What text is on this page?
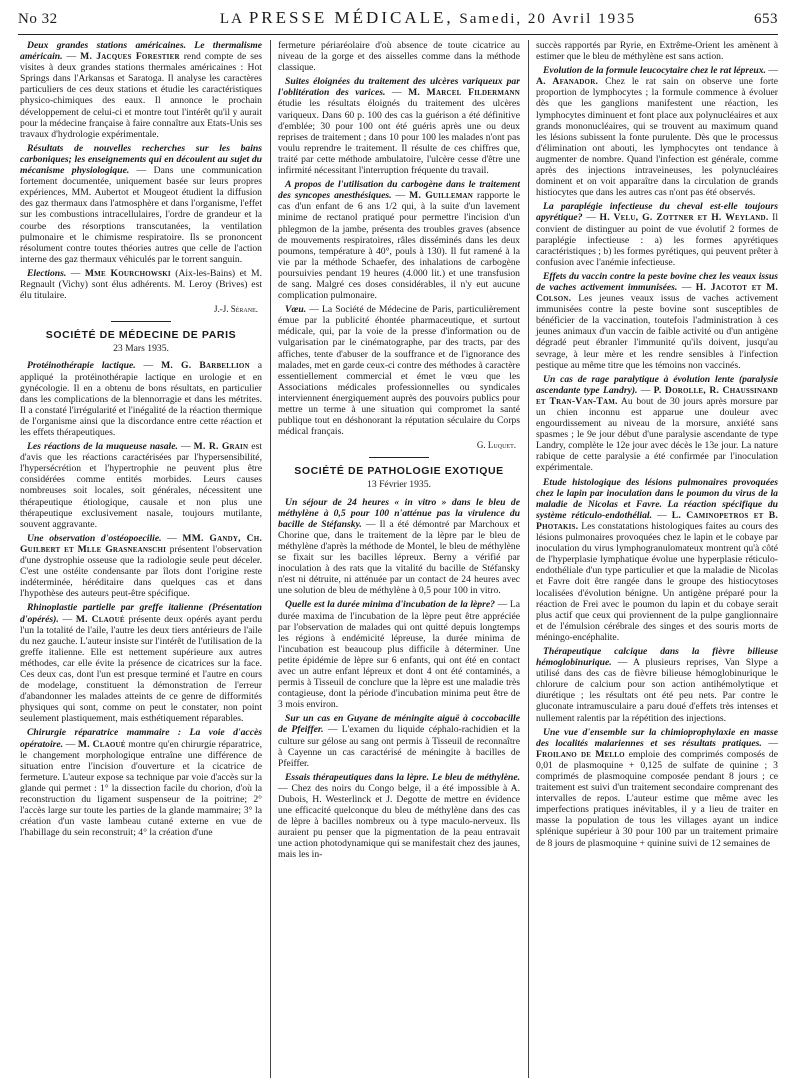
No 32	LA PRESSE MÉDICALE, Samedi, 20 Avril 1935	653

Deux grandes stations américaines. Le thermalisme américain. — M. Jacques Forestier rend compte de ses visites à deux grandes stations thermales américaines : Hot Springs dans l'Arkansas et Saratoga. Il analyse les caractères particuliers de ces deux stations et étudie les caractéristiques physico-chimiques des eaux. Il annonce le prochain développement de celui-ci et montre tout l'intérêt qu'il y aurait pour la médecine française à faire connaître aux Etats-Unis ses travaux d'hydrologie expérimentale.

Résultats de nouvelles recherches sur les bains carboniques; les enseignements qui en découlent au sujet du mécanisme physiologique. — Dans une communication fortement documentée, uniquement basée sur leurs propres expériences, MM. Aubertot et Mougeot étudient la diffusion des gaz thermaux dans l'atmosphère et dans l'organisme, l'effet sur les combustions intracellulaires, l'ordre de grandeur et la courbe des résorptions transcutanées, la ventilation pulmonaire et le chimisme respiratoire. Ils se prononcent résolument contre toutes théories autres que celle de l'action interne des gaz thermaux véhiculés par le torrent sanguin.

Elections. — Mme Kourchowski (Aix-les-Bains) et M. Regnault (Vichy) sont élus adhérents. M. Leroy (Brives) est élu titulaire.

J.-J. Sérane.
SOCIÉTÉ DE MÉDECINE DE PARIS
23 Mars 1935.

Protéinothérapie lactique. — M. G. Barbellion a appliqué la protéinothérapie lactique en urologie et en gynécologie. Il en a obtenu de bons résultats, en particulier dans les complications de la blennorragie et dans les métrites. Il a constaté l'irrégularité et l'inégalité de la réaction thermique de l'organisme ainsi que la discordance entre cette réaction et les effets thérapeutiques.

Les réactions de la muqueuse nasale. — M. R. Grain est d'avis que les réactions caractérisées par l'hypersensibilité, l'hypersécrétion et l'hypertrophie ne peuvent plus être considérées comme entités morbides. Leurs causes nombreuses soit locales, soit générales, nécessitent une thérapeutique étiologique, causale et non plus une thérapeutique exclusivement nasale, toujours mutilante, souvent aggravante.

Une observation d'ostéopoecilie. — MM. Gandy, Ch. Guilbert et Mlle Grasneanschi présentent l'observation d'une dystrophie osseuse que la radiologie seule peut déceler. C'est une ostéite condensante par îlots dont l'origine reste indéterminée, héréditaire dans quelques cas et dans l'hypothèse des auteurs peut-être spécifique.

Rhinoplastie partielle par greffe italienne (Présentation d'opérés). — M. Claoué présente deux opérés ayant perdu l'un la totalité de l'aile, l'autre les deux tiers antérieurs de l'aile du nez gauche. L'auteur insiste sur l'intérêt de l'utilisation de la greffe italienne. Elle est nettement supérieure aux autres méthodes, car elle évite la présence de cicatrices sur la face. Ces deux cas, dont l'un est presque terminé et l'autre en cours de modelage, constituent la démonstration de l'erreur d'abandonner les malades atteints de ce genre de difformités physiques qui sont, comme on peut le constater, non point seulement plastiquement, mais esthétiquement réparables.

Chirurgie réparatrice mammaire : La voie d'accès opératoire. — M. Claoué montre qu'en chirurgie réparatrice, le changement morphologique entraîne une différence de situation entre l'incision d'ouverture et la cicatrice de fermeture. L'auteur expose sa technique par voie d'accès sur la glande qui permet : 1° la dissection facile du chorion, d'où la reconstruction du ligament suspenseur de la poitrine; 2° l'accès large sur toute les parties de la glande mammaire; 3° la création d'un vaste lambeau cutané externe en vue de l'habillage du sein reconstruit; 4° la création d'une

fermeture périaréolaire d'où absence de toute cicatrice au niveau de la gorge et des aisselles comme dans la méthode classique.

Suites éloignées du traitement des ulcères variqueux par l'oblitération des varices. — M. Marcel Fildermann étudie les résultats éloignés du traitement des ulcères variqueux. Dans 60 p. 100 des cas la guérison a été définitive d'emblée; 30 pour 100 ont été guéris après une ou deux reprises de traitement ; dans 10 pour 100 les malades n'ont pas voulu reprendre le traitement. Il résulte de ces chiffres que, traité par cette méthode ambulatoire, l'ulcère cesse d'être une infirmité nécessitant l'interruption fréquente du travail.

A propos de l'utilisation du carbogène dans le traitement des syncopes anesthésiques. — M. Guilleman rapporte le cas d'un enfant de 6 ans 1/2 qui, à la suite d'un lavement minime de rectanol pratiqué pour permettre l'incision d'un phlegmon de la jambe, présenta des troubles graves (absence de mouvements respiratoires, râles disséminés dans les deux poumons, température à 40°, pouls à 130). Il fut ramené à la vie par la méthode Schaefer, des inhalations de carbogène poursuivies pendant 19 heures (4.000 lit.) et une transfusion de sang. Malgré ces doses considérables, il n'y eut aucune complication pulmonaire.

Vœu. — La Société de Médecine de Paris, particulièrement émue par la publicité éhontée pharmaceutique, et surtout médicale, qui, par la voie de la presse d'information ou de vulgarisation par le cinématographe, par des tracts, par des affiches, tente d'abuser de la souffrance et de l'ignorance des malades, met en garde ceux-ci contre des méthodes à caractère essentiellement commercial et émet le vœu que les Associations médicales professionnelles ou syndicales interviennent énergiquement auprès des pouvoirs publics pour mettre un terme à une situation qui compromet la santé publique tout en déshonorant la réputation séculaire du Corps médical français.

G. Luquet.
SOCIÉTÉ DE PATHOLOGIE EXOTIQUE
13 Février 1935.

Un séjour de 24 heures « in vitro » dans le bleu de méthylène à 0,5 pour 100 n'atténue pas la virulence du bacille de Stéfansky. — Il a été démontré par Marchoux et Chorine que, dans le traitement de la lèpre par le bleu de méthylène d'après la méthode de Montel, le bleu de méthylène se fixait sur les bacilles lépreux. Berny a vérifié par inoculation à des rats que la vitalité du bacille de Stéfansky n'est ni détruite, ni atténuée par un contact de 24 heures avec une solution de bleu de méthylène à 0,5 pour 100 in vitro.

Quelle est la durée minima d'incubation de la lèpre? — La durée maxima de l'incubation de la lèpre peut être appréciée par l'observation de malades qui ont quitté depuis longtemps les régions à endémicité lépreuse, la durée minima de l'incubation est beaucoup plus difficile à déterminer. Une petite épidémie de lèpre sur 6 enfants, qui ont été en contact avec un autre enfant lépreux et dont 4 ont été contaminés, a permis à Tisseuil de conclure que la lèpre est une maladie très contagieuse, dont la période d'incubation minima peut être de 3 mois environ.

Sur un cas en Guyane de méningite aiguë à coccobacille de Pfeiffer. — L'examen du liquide céphalo-rachidien et la culture sur gélose au sang ont permis à Tisseuil de reconnaître à Cayenne un cas caractérisé de méningite à bacilles de Pfeiffer.

Essais thérapeutiques dans la lèpre. Le bleu de méthylène. — Chez des noirs du Congo belge, il a été impossible à A. Dubois, H. Westerlinck et J. Degotte de mettre en évidence une efficacité quelconque du bleu de méthylène dans des cas de lèpre à bacilles nombreux ou à type maculo-nerveux. Ils auraient pu penser que la pigmentation de la peau entravait une action photodynamique qui se manifestait chez des jaunes, mais les in-

succès rapportés par Ryrie, en Extrême-Orient les amènent à estimer que le bleu de méthylène est sans action.

Evolution de la formule leucocytaire chez le rat lépreux. — A. Afanador. Chez le rat sain on observe une forte proportion de lymphocytes ; la formule commence à évoluer dès que les ganglions manifestent une réaction, les lymphocytes diminuent et font place aux polynucléaires et aux grands mononucléaires, qui se trouvent au maximum quand les lésions subissent la fonte purulente. Dès que le processus d'élimination ont abouti, les lymphocytes ont tendance à augmenter de nombre. Quand l'infection est générale, comme après des injections intraveineuses, les polynucléaires dominent et on voit apparaître dans la circulation de grands histiocytes que dans les autres cas n'ont pas été observés.

La paraplégie infectieuse du cheval est-elle toujours apyrétique? — H. Velu, G. Zottner et H. Weyland. Il convient de distinguer au point de vue évolutif 2 formes de paraplégie infectieuse : a) les formes apyrétiques caractéristiques ; b) les formes pyrétiques, qui peuvent prêter à confusion avec l'anémie infectieuse.

Effets du vaccin contre la peste bovine chez les veaux issus de vaches activement immunisées. — H. Jacotot et M. Colson. Les jeunes veaux issus de vaches activement immunisées contre la peste bovine sont susceptibles de bénéficier de la vaccination, toutefois l'administration à ces jeunes animaux d'un vaccin de faible activité ou d'un antigène dégradé peut ébranler l'immunité qu'ils doivent, jusqu'au sevrage, à leur mère et les rendre sensibles à l'infection pestique au même titre que les témoins non vaccinés.

Un cas de rage paralytique à évolution lente (paralysie ascendante type Landry). — P. Dorolle, R. Chaussinand et Tran-Van-Tam. Au bout de 30 jours après morsure par un chien inconnu est apparue une douleur avec engourdissement au niveau de la morsure, anxiété sans spasmes ; le 9e jour début d'une paralysie ascendante de type Landry, complète le 12e jour avec décès le 13e jour. La nature rabique de cette paralysie a été confirmée par l'inoculation expérimentale.

Etude histologique des lésions pulmonaires provoquées chez le lapin par inoculation dans le poumon du virus de la maladie de Nicolas et Favre. La réaction spécifique du système réticulo-endothélial. — L. Caminopetros et B. Photakis. Les constatations histologiques faites au cours des lésions pulmonaires provoquées chez le lapin et le cobaye par inoculation du virus lymphogranulomateux montrent qu'à côté de l'hyperplasie lymphatique évolue une hyperplasie réticulo-endothéliale d'un type particulier et que la maladie de Nicolas et Favre doit être rangée dans le groupe des histiocytoses localisées d'évolution bénigne. Un antigène préparé pour la réaction de Frei avec le poumon du lapin et du cobaye serait plus actif que ceux qui proviennent de la pulpe ganglionnaire et de l'émulsion cérébrale des singes et des souris morts de méningo-encéphalite.

Thérapeutique calcique dans la fièvre bilieuse hémoglobinurique. — A plusieurs reprises, Van Slype a utilisé dans des cas de fièvre bilieuse hémoglobinurique le chlorure de calcium pour son action antihémolytique et diurétique ; les résultats ont été peu nets. Par contre le gluconate intramusculaire a paru doué d'effets très intenses et nullement ralentis par la répétition des injections.

Une vue d'ensemble sur la chimioprophylaxie en masse des localités malariennes et ses résultats pratiques. — Froilano de Mello emploie des comprimés composés de 0,01 de plasmoquine + 0,125 de sulfate de quinine ; 3 comprimés de plasmoquine composée pendant 8 jours ; ce traitement est suivi d'un traitement secondaire comprenant des intervalles de repos. L'auteur estime que même avec les imperfections pratiques inévitables, il y a lieu de traiter en masse la population de tous les villages ayant un indice splénique supérieur à 30 pour 100 par un traitement primaire de 8 jours de plasmoquine + quinine suivi de 12 semaines de
